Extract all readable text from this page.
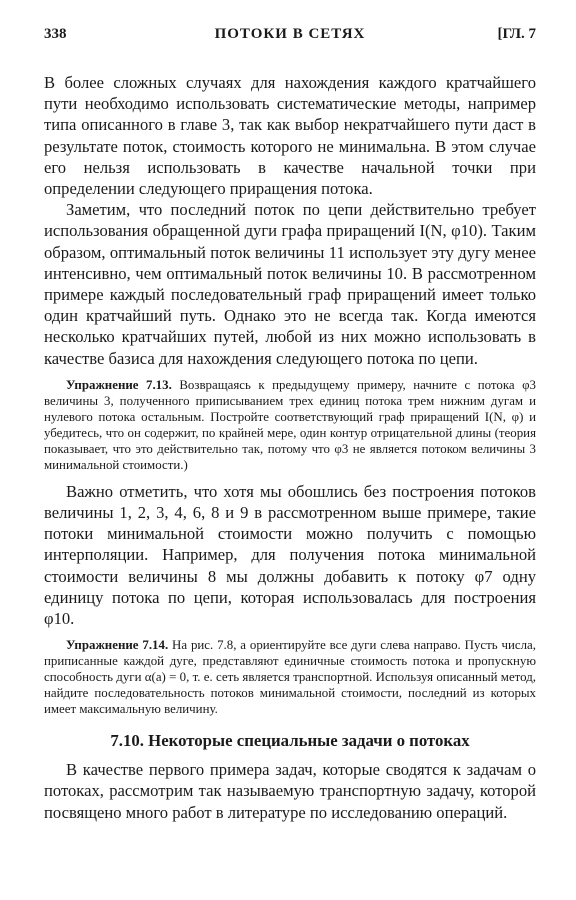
338	ПОТОКИ В СЕТЯХ	[ГЛ. 7

В более сложных случаях для нахождения каждого кратчайшего пути необходимо использовать систематические методы, например типа описанного в главе 3, так как выбор некратчайшего пути даст в результате поток, стоимость которого не минимальна. В этом случае его нельзя использовать в качестве начальной точки при определении следующего приращения потока.

Заметим, что последний поток по цепи действительно требует использования обращенной дуги графа приращений I(N, φ10). Таким образом, оптимальный поток величины 11 использует эту дугу менее интенсивно, чем оптимальный поток величины 10. В рассмотренном примере каждый последовательный граф приращений имеет только один кратчайший путь. Однако это не всегда так. Когда имеются несколько кратчайших путей, любой из них можно использовать в качестве базиса для нахождения следующего потока по цепи.

Упражнение 7.13. Возвращаясь к предыдущему примеру, начните с потока φ3 величины 3, полученного приписыванием трех единиц потока трем нижним дугам и нулевого потока остальным. Постройте соответствующий граф приращений I(N, φ) и убедитесь, что он содержит, по крайней мере, один контур отрицательной длины (теория показывает, что это действительно так, потому что φ3 не является потоком величины 3 минимальной стоимости.)

Важно отметить, что хотя мы обошлись без построения потоков величины 1, 2, 3, 4, 6, 8 и 9 в рассмотренном выше примере, такие потоки минимальной стоимости можно получить с помощью интерполяции. Например, для получения потока минимальной стоимости величины 8 мы должны добавить к потоку φ7 одну единицу потока по цепи, которая использовалась для построения φ10.

Упражнение 7.14. На рис. 7.8, а ориентируйте все дуги слева направо. Пусть числа, приписанные каждой дуге, представляют единичные стоимость потока и пропускную способность дуги α(a) = 0, т. е. сеть является транспортной. Используя описанный метод, найдите последовательность потоков минимальной стоимости, последний из которых имеет максимальную величину.

7.10. Некоторые специальные задачи о потоках

В качестве первого примера задач, которые сводятся к задачам о потоках, рассмотрим так называемую транспортную задачу, которой посвящено много работ в литературе по исследованию операций.
